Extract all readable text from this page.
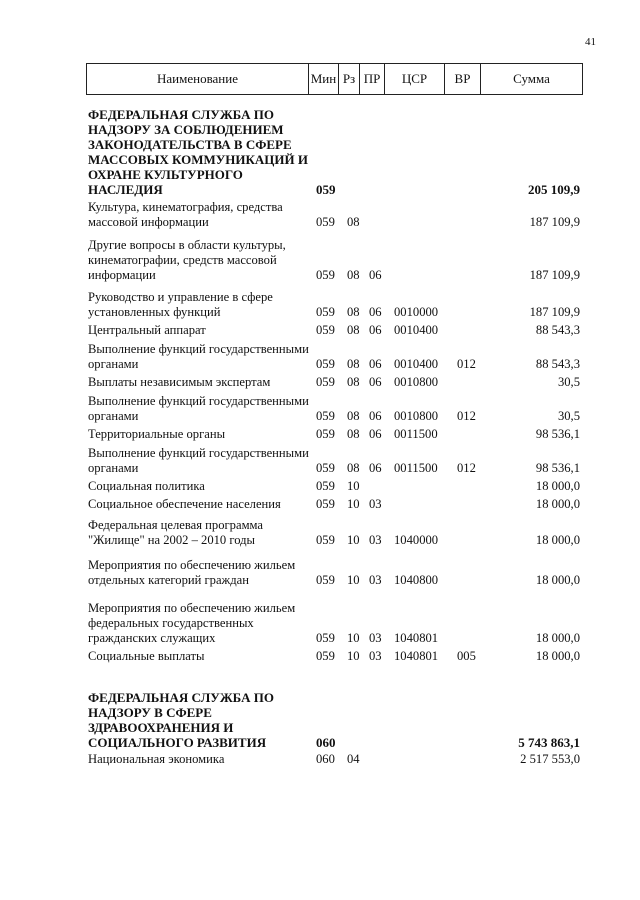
41
Наименование	Мин Рз ПР	ЦСР	ВР	Сумма
ФЕДЕРАЛЬНАЯ СЛУЖБА ПО НАДЗОРУ ЗА СОБЛЮДЕНИЕМ ЗАКОНОДАТЕЛЬСТВА В СФЕРЕ МАССОВЫХ КОММУНИКАЦИЙ И ОХРАНЕ КУЛЬТУРНОГО НАСЛЕДИЯ	059	205 109,9
Культура, кинематография, средства массовой информации	059 08	187 109,9
Другие вопросы в области культуры, кинематографии, средств массовой информации	059 08 06	187 109,9
Руководство и управление в сфере установленных функций	059 08 06 0010000	187 109,9
Центральный аппарат	059 08 06 0010400	88 543,3
Выполнение функций государственными органами	059 08 06 0010400 012	88 543,3
Выплаты независимым экспертам	059 08 06 0010800	30,5
Выполнение функций государственными органами	059 08 06 0010800 012	30,5
Территориальные органы	059 08 06 0011500	98 536,1
Выполнение функций государственными органами	059 08 06 0011500 012	98 536,1
Социальная политика	059 10	18 000,0
Социальное обеспечение населения	059 10 03	18 000,0
Федеральная целевая программа "Жилище" на 2002 – 2010 годы	059 10 03 1040000	18 000,0
Мероприятия по обеспечению жильем отдельных категорий граждан	059 10 03 1040800	18 000,0
Мероприятия по обеспечению жильем федеральных государственных гражданских служащих	059 10 03 1040801	18 000,0
Социальные выплаты	059 10 03 1040801 005	18 000,0
ФЕДЕРАЛЬНАЯ СЛУЖБА ПО НАДЗОРУ В СФЕРЕ ЗДРАВООХРАНЕНИЯ И СОЦИАЛЬНОГО РАЗВИТИЯ	060	5 743 863,1
Национальная экономика	060 04	2 517 553,0
